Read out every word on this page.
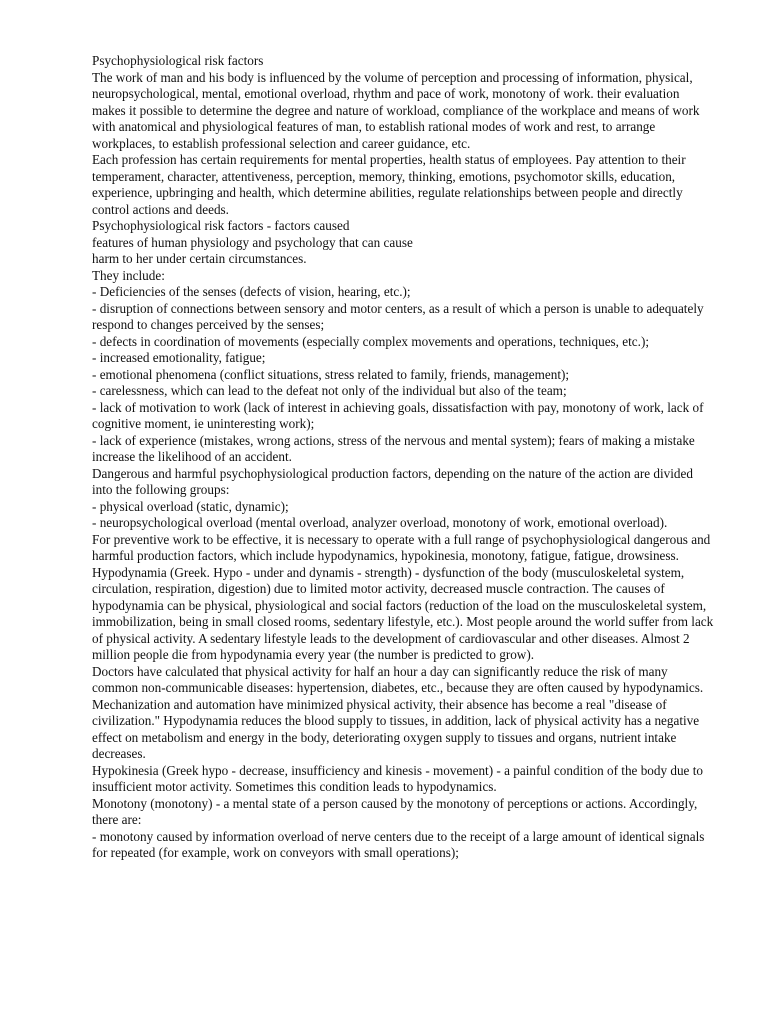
Psychophysiological risk factors

The work of man and his body is influenced by the volume of perception and processing of information, physical, neuropsychological, mental, emotional overload, rhythm and pace of work, monotony of work. their evaluation makes it possible to determine the degree and nature of workload, compliance of the workplace and means of work with anatomical and physiological features of man, to establish rational modes of work and rest, to arrange workplaces, to establish professional selection and career guidance, etc.

Each profession has certain requirements for mental properties, health status of employees. Pay attention to their temperament, character, attentiveness, perception, memory, thinking, emotions, psychomotor skills, education, experience, upbringing and health, which determine abilities, regulate relationships between people and directly control actions and deeds.

Psychophysiological risk factors - factors caused

features of human physiology and psychology that can cause

harm to her under certain circumstances.

They include:

- Deficiencies of the senses (defects of vision, hearing, etc.);

- disruption of connections between sensory and motor centers, as a result of which a person is unable to adequately respond to changes perceived by the senses;

- defects in coordination of movements (especially complex movements and operations, techniques, etc.);

- increased emotionality, fatigue;

- emotional phenomena (conflict situations, stress related to family, friends, management);

- carelessness, which can lead to the defeat not only of the individual but also of the team;

- lack of motivation to work (lack of interest in achieving goals, dissatisfaction with pay, monotony of work, lack of cognitive moment, ie uninteresting work);

- lack of experience (mistakes, wrong actions, stress of the nervous and mental system); fears of making a mistake increase the likelihood of an accident.

Dangerous and harmful psychophysiological production factors, depending on the nature of the action are divided into the following groups:

- physical overload (static, dynamic);

- neuropsychological overload (mental overload, analyzer overload, monotony of work, emotional overload).

For preventive work to be effective, it is necessary to operate with a full range of psychophysiological dangerous and harmful production factors, which include hypodynamics, hypokinesia, monotony, fatigue, fatigue, drowsiness.

Hypodynamia (Greek. Hypo - under and dynamis - strength) - dysfunction of the body (musculoskeletal system, circulation, respiration, digestion) due to limited motor activity, decreased muscle contraction. The causes of hypodynamia can be physical, physiological and social factors (reduction of the load on the musculoskeletal system, immobilization, being in small closed rooms, sedentary lifestyle, etc.). Most people around the world suffer from lack of physical activity. A sedentary lifestyle leads to the development of cardiovascular and other diseases. Almost 2 million people die from hypodynamia every year (the number is predicted to grow).

Doctors have calculated that physical activity for half an hour a day can significantly reduce the risk of many common non-communicable diseases: hypertension, diabetes, etc., because they are often caused by hypodynamics. Mechanization and automation have minimized physical activity, their absence has become a real "disease of civilization." Hypodynamia reduces the blood supply to tissues, in addition, lack of physical activity has a negative effect on metabolism and energy in the body, deteriorating oxygen supply to tissues and organs, nutrient intake decreases.

Hypokinesia (Greek hypo - decrease, insufficiency and kinesis - movement) - a painful condition of the body due to insufficient motor activity. Sometimes this condition leads to hypodynamics.

Monotony (monotony) - a mental state of a person caused by the monotony of perceptions or actions. Accordingly, there are:

- monotony caused by information overload of nerve centers due to the receipt of a large amount of identical signals for repeated (for example, work on conveyors with small operations);
